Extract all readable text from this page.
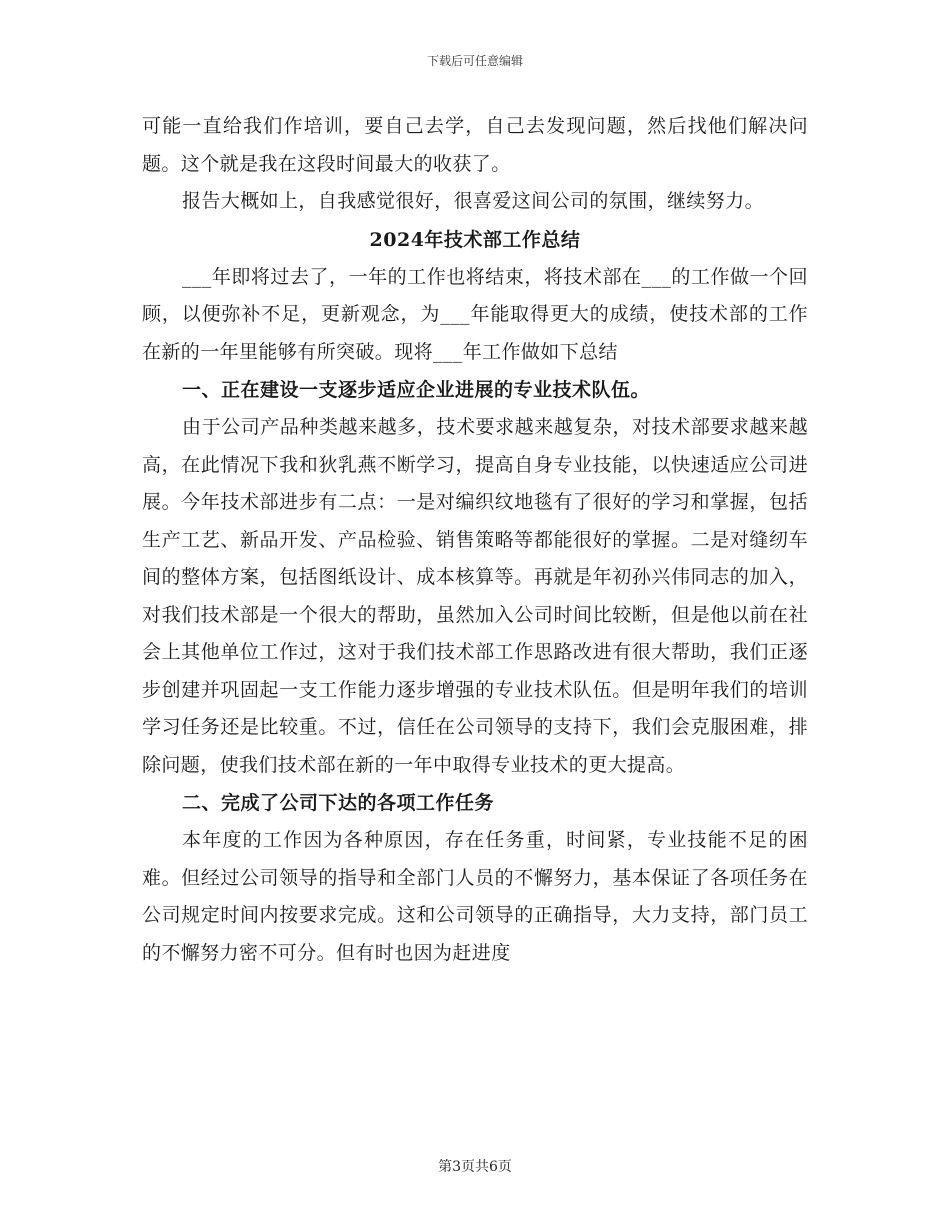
下载后可任意编辑

可能一直给我们作培训，要自己去学，自己去发现问题，然后找他们解决问题。这个就是我在这段时间最大的收获了。

报告大概如上，自我感觉很好，很喜爱这间公司的氛围，继续努力。

2024年技术部工作总结

___年即将过去了，一年的工作也将结束，将技术部在___的工作做一个回顾，以便弥补不足，更新观念，为___年能取得更大的成绩，使技术部的工作在新的一年里能够有所突破。现将___年工作做如下总结

一、正在建设一支逐步适应企业进展的专业技术队伍。

由于公司产品种类越来越多，技术要求越来越复杂，对技术部要求越来越高，在此情况下我和狄乳燕不断学习，提高自身专业技能，以快速适应公司进展。今年技术部进步有二点：一是对编织纹地毯有了很好的学习和掌握，包括生产工艺、新品开发、产品检验、销售策略等都能很好的掌握。二是对缝纫车间的整体方案，包括图纸设计、成本核算等。再就是年初孙兴伟同志的加入，对我们技术部是一个很大的帮助，虽然加入公司时间比较断，但是他以前在社会上其他单位工作过，这对于我们技术部工作思路改进有很大帮助，我们正逐步创建并巩固起一支工作能力逐步增强的专业技术队伍。但是明年我们的培训学习任务还是比较重。不过，信任在公司领导的支持下，我们会克服困难，排除问题，使我们技术部在新的一年中取得专业技术的更大提高。

二、完成了公司下达的各项工作任务

本年度的工作因为各种原因，存在任务重，时间紧，专业技能不足的困难。但经过公司领导的指导和全部门人员的不懈努力，基本保证了各项任务在公司规定时间内按要求完成。这和公司领导的正确指导，大力支持，部门员工的不懈努力密不可分。但有时也因为赶进度

第3页共6页
